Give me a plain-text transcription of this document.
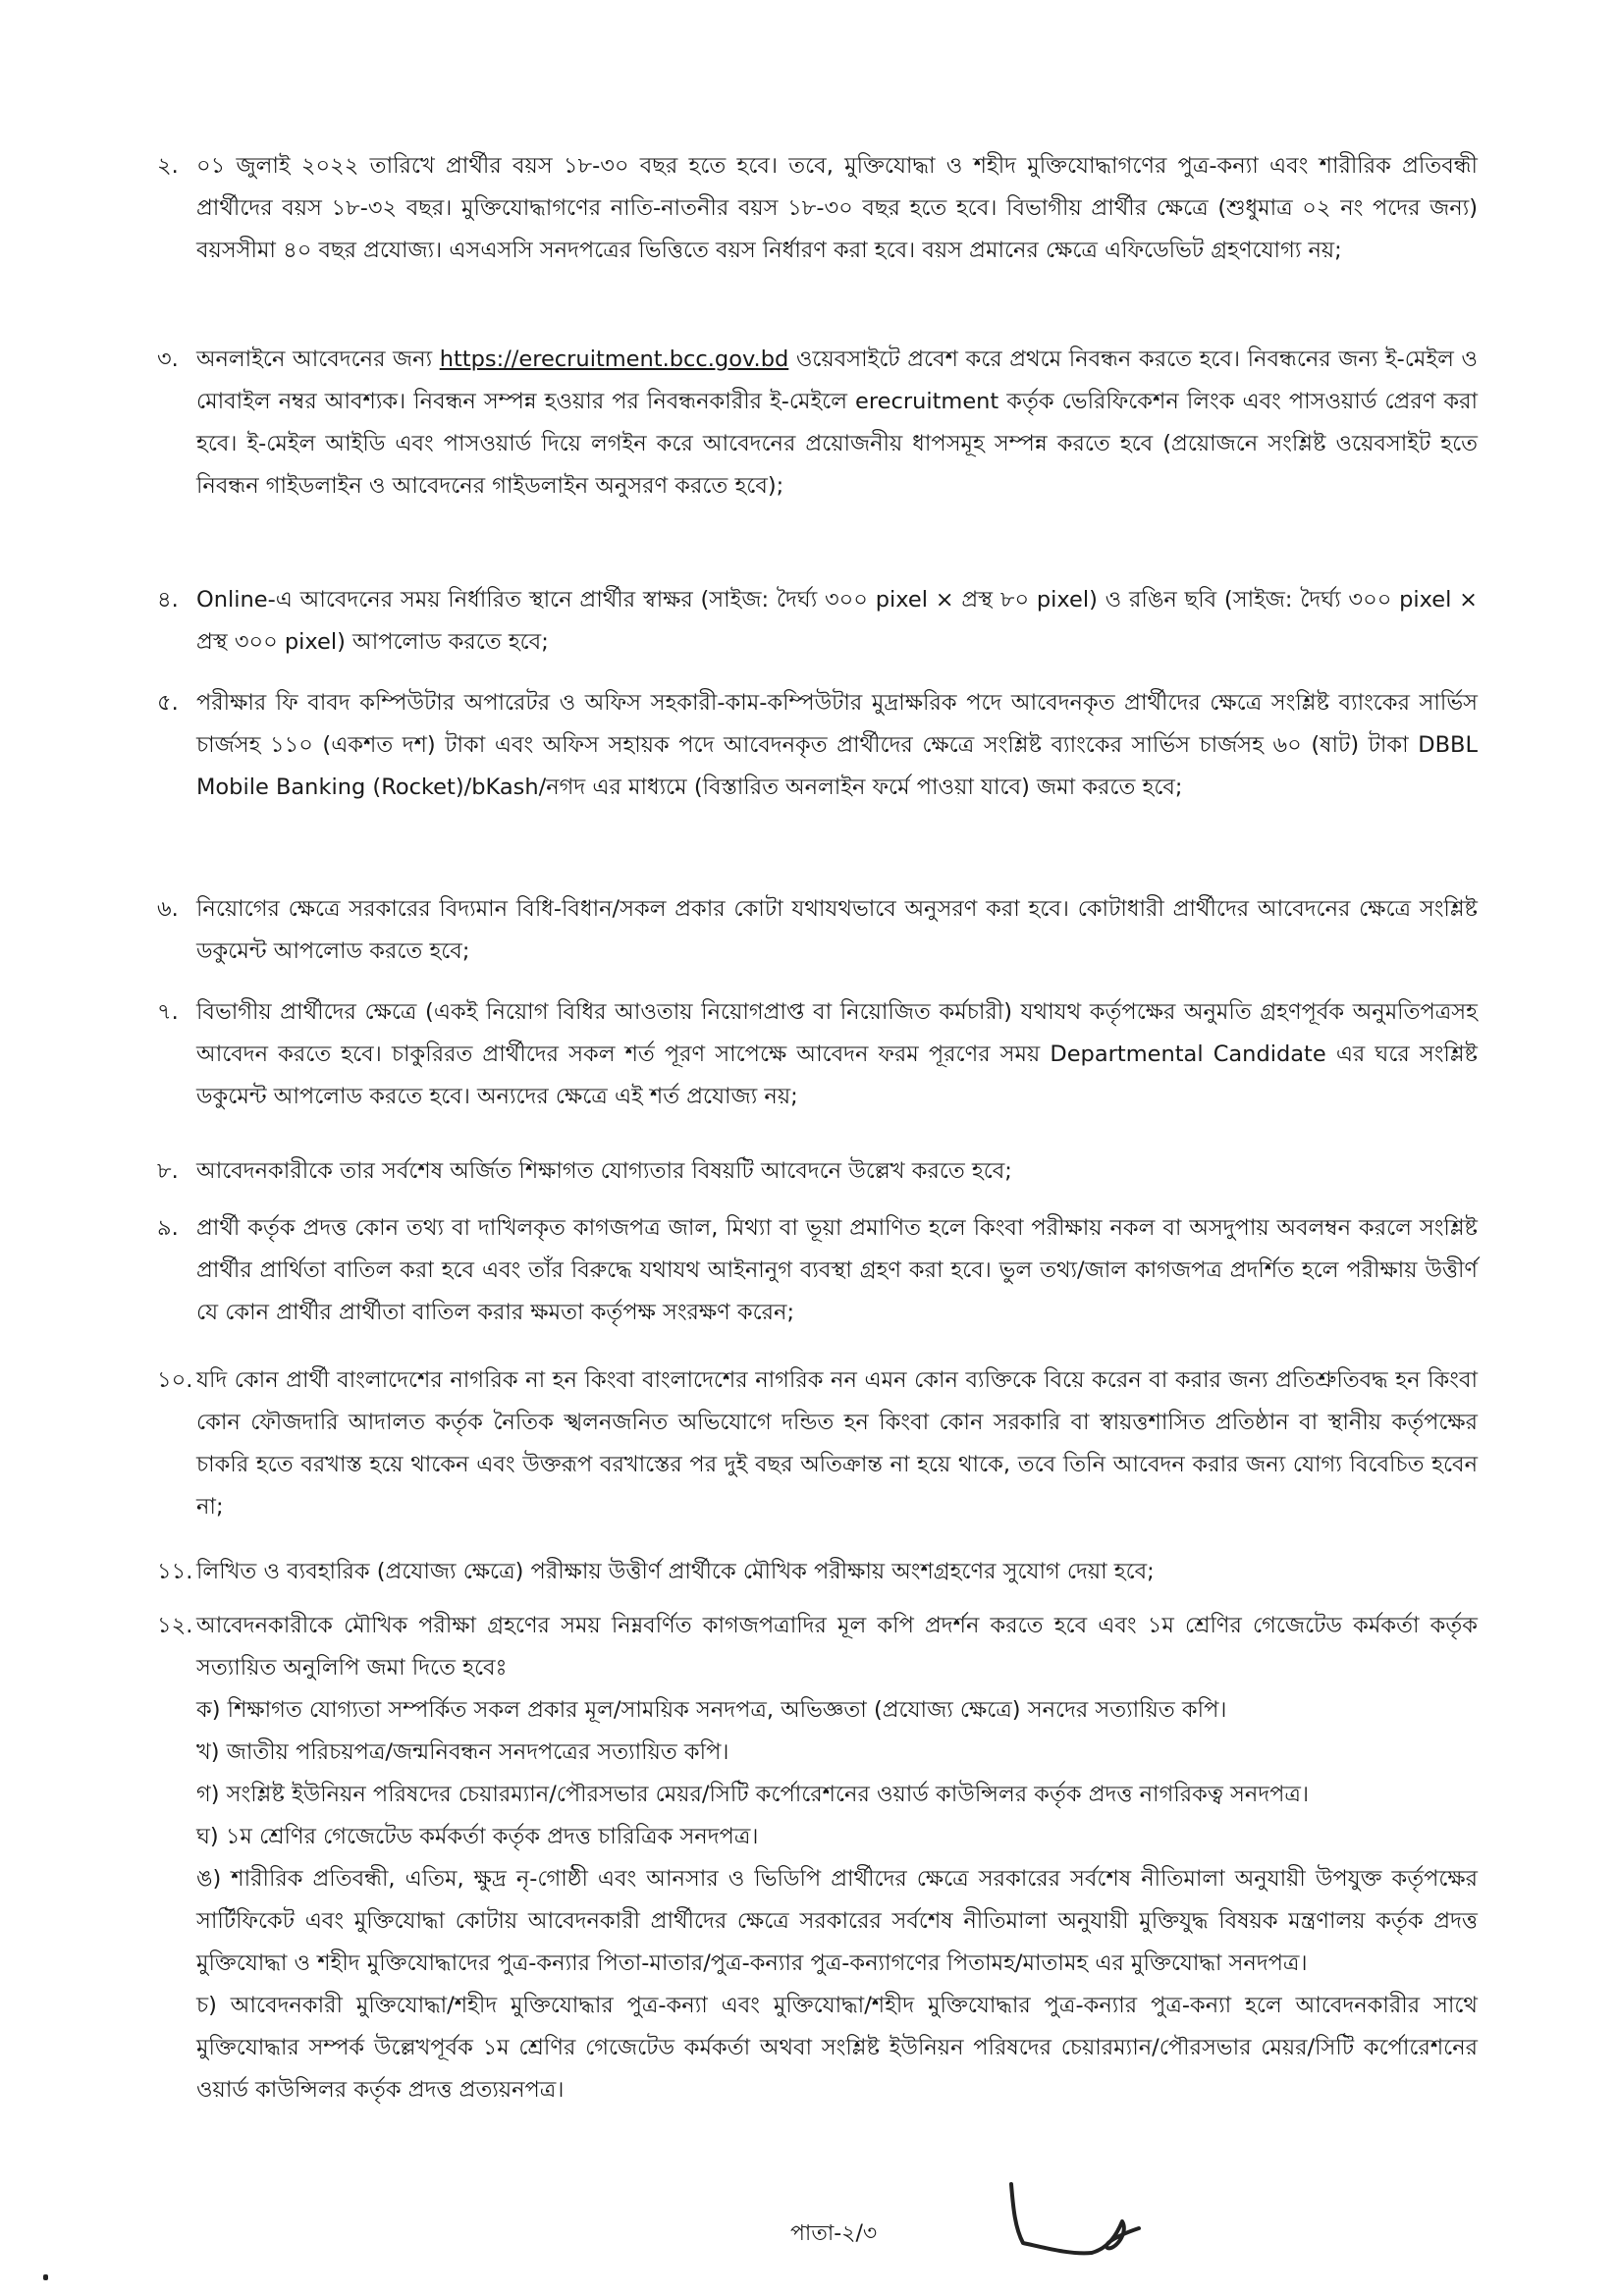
২. ০১ জুলাই ২০২২ তারিখে প্রার্থীর বয়স ১৮-৩০ বছর হতে হবে। তবে, মুক্তিযোদ্ধা ও শহীদ মুক্তিযোদ্ধাগণের পুত্র-কন্যা এবং শারীরিক প্রতিবন্ধী প্রার্থীদের বয়স ১৮-৩২ বছর। মুক্তিযোদ্ধাগণের নাতি-নাতনীর বয়স ১৮-৩০ বছর হতে হবে। বিভাগীয় প্রার্থীর ক্ষেত্রে (শুধুমাত্র ০২ নং পদের জন্য) বয়সসীমা ৪০ বছর প্রযোজ্য। এসএসসি সনদপত্রের ভিত্তিতে বয়স নির্ধারণ করা হবে। বয়স প্রমানের ক্ষেত্রে এফিডেভিট গ্রহণযোগ্য নয়;
৩. অনলাইনে আবেদনের জন্য https://erecruitment.bcc.gov.bd ওয়েবসাইটে প্রবেশ করে প্রথমে নিবন্ধন করতে হবে। নিবন্ধনের জন্য ই-মেইল ও মোবাইল নম্বর আবশ্যক। নিবন্ধন সম্পন্ন হওয়ার পর নিবন্ধনকারীর ই-মেইলে erecruitment কর্তৃক ভেরিফিকেশন লিংক এবং পাসওয়ার্ড প্রেরণ করা হবে। ই-মেইল আইডি এবং পাসওয়ার্ড দিয়ে লগইন করে আবেদনের প্রয়োজনীয় ধাপসমূহ সম্পন্ন করতে হবে (প্রয়োজনে সংশ্লিষ্ট ওয়েবসাইট হতে নিবন্ধন গাইডলাইন ও আবেদনের গাইডলাইন অনুসরণ করতে হবে);
৪. Online-এ আবেদনের সময় নির্ধারিত স্থানে প্রার্থীর স্বাক্ষর (সাইজ: দৈর্ঘ্য ৩০০ pixel × প্রস্থ ৮০ pixel) ও রঙিন ছবি (সাইজ: দৈর্ঘ্য ৩০০ pixel × প্রস্থ ৩০০ pixel) আপলোড করতে হবে;
৫. পরীক্ষার ফি বাবদ কম্পিউটার অপারেটর ও অফিস সহকারী-কাম-কম্পিউটার মুদ্রাক্ষরিক পদে আবেদনকৃত প্রার্থীদের ক্ষেত্রে সংশ্লিষ্ট ব্যাংকের সার্ভিস চার্জসহ ১১০ (একশত দশ) টাকা এবং অফিস সহায়ক পদে আবেদনকৃত প্রার্থীদের ক্ষেত্রে সংশ্লিষ্ট ব্যাংকের সার্ভিস চার্জসহ ৬০ (ষাট) টাকা DBBL Mobile Banking (Rocket)/bKash/নগদ এর মাধ্যমে (বিস্তারিত অনলাইন ফর্মে পাওয়া যাবে) জমা করতে হবে;
৬. নিয়োগের ক্ষেত্রে সরকারের বিদ্যমান বিধি-বিধান/সকল প্রকার কোটা যথাযথভাবে অনুসরণ করা হবে। কোটাধারী প্রার্থীদের আবেদনের ক্ষেত্রে সংশ্লিষ্ট ডকুমেন্ট আপলোড করতে হবে;
৭. বিভাগীয় প্রার্থীদের ক্ষেত্রে (একই নিয়োগ বিধির আওতায় নিয়োগপ্রাপ্ত বা নিয়োজিত কর্মচারী) যথাযথ কর্তৃপক্ষের অনুমতি গ্রহণপূর্বক অনুমতিপত্রসহ আবেদন করতে হবে। চাকুরিরত প্রার্থীদের সকল শর্ত পূরণ সাপেক্ষে আবেদন ফরম পূরণের সময় Departmental Candidate এর ঘরে সংশ্লিষ্ট ডকুমেন্ট আপলোড করতে হবে। অন্যদের ক্ষেত্রে এই শর্ত প্রযোজ্য নয়;
৮. আবেদনকারীকে তার সর্বশেষ অর্জিত শিক্ষাগত যোগ্যতার বিষয়টি আবেদনে উল্লেখ করতে হবে;
৯. প্রার্থী কর্তৃক প্রদত্ত কোন তথ্য বা দাখিলকৃত কাগজপত্র জাল, মিথ্যা বা ভূয়া প্রমাণিত হলে কিংবা পরীক্ষায় নকল বা অসদুপায় অবলম্বন করলে সংশ্লিষ্ট প্রার্থীর প্রার্থিতা বাতিল করা হবে এবং তাঁর বিরুদ্ধে যথাযথ আইনানুগ ব্যবস্থা গ্রহণ করা হবে। ভুল তথ্য/জাল কাগজপত্র প্রদর্শিত হলে পরীক্ষায় উত্তীর্ণ যে কোন প্রার্থীর প্রার্থীতা বাতিল করার ক্ষমতা কর্তৃপক্ষ সংরক্ষণ করেন;
১০. যদি কোন প্রার্থী বাংলাদেশের নাগরিক না হন কিংবা বাংলাদেশের নাগরিক নন এমন কোন ব্যক্তিকে বিয়ে করেন বা করার জন্য প্রতিশ্রুতিবদ্ধ হন কিংবা কোন ফৌজদারি আদালত কর্তৃক নৈতিক স্খলনজনিত অভিযোগে দন্ডিত হন কিংবা কোন সরকারি বা স্বায়ত্তশাসিত প্রতিষ্ঠান বা স্থানীয় কর্তৃপক্ষের চাকরি হতে বরখাস্ত হয়ে থাকেন এবং উক্তরূপ বরখাস্তের পর দুই বছর অতিক্রান্ত না হয়ে থাকে, তবে তিনি আবেদন করার জন্য যোগ্য বিবেচিত হবেন না;
১১. লিখিত ও ব্যবহারিক (প্রযোজ্য ক্ষেত্রে) পরীক্ষায় উত্তীর্ণ প্রার্থীকে মৌখিক পরীক্ষায় অংশগ্রহণের সুযোগ দেয়া হবে;
১২. আবেদনকারীকে মৌখিক পরীক্ষা গ্রহণের সময় নিম্নবর্ণিত কাগজপত্রাদির মূল কপি প্রদর্শন করতে হবে এবং ১ম শ্রেণির গেজেটেড কর্মকর্তা কর্তৃক সত্যায়িত অনুলিপি জমা দিতে হবেঃ
ক) শিক্ষাগত যোগ্যতা সম্পর্কিত সকল প্রকার মূল/সাময়িক সনদপত্র, অভিজ্ঞতা (প্রযোজ্য ক্ষেত্রে) সনদের সত্যায়িত কপি।
খ) জাতীয় পরিচয়পত্র/জন্মনিবন্ধন সনদপত্রের সত্যায়িত কপি।
গ) সংশ্লিষ্ট ইউনিয়ন পরিষদের চেয়ারম্যান/পৌরসভার মেয়র/সিটি কর্পোরেশনের ওয়ার্ড কাউন্সিলর কর্তৃক প্রদত্ত নাগরিকত্ব সনদপত্র।
ঘ) ১ম শ্রেণির গেজেটেড কর্মকর্তা কর্তৃক প্রদত্ত চারিত্রিক সনদপত্র।
ঙ) শারীরিক প্রতিবন্ধী, এতিম, ক্ষুদ্র নৃ-গোষ্ঠী এবং আনসার ও ভিডিপি প্রার্থীদের ক্ষেত্রে সরকারের সর্বশেষ নীতিমালা অনুযায়ী উপযুক্ত কর্তৃপক্ষের সার্টিফিকেট এবং মুক্তিযোদ্ধা কোটায় আবেদনকারী প্রার্থীদের ক্ষেত্রে সরকারের সর্বশেষ নীতিমালা অনুযায়ী মুক্তিযুদ্ধ বিষয়ক মন্ত্রণালয় কর্তৃক প্রদত্ত মুক্তিযোদ্ধা ও শহীদ মুক্তিযোদ্ধাদের পুত্র-কন্যার পিতা-মাতার/পুত্র-কন্যার পুত্র-কন্যাগণের পিতামহ/মাতামহ এর মুক্তিযোদ্ধা সনদপত্র।
চ) আবেদনকারী মুক্তিযোদ্ধা/শহীদ মুক্তিযোদ্ধার পুত্র-কন্যা এবং মুক্তিযোদ্ধা/শহীদ মুক্তিযোদ্ধার পুত্র-কন্যার পুত্র-কন্যা হলে আবেদনকারীর সাথে মুক্তিযোদ্ধার সম্পর্ক উল্লেখপূর্বক ১ম শ্রেণির গেজেটেড কর্মকর্তা অথবা সংশ্লিষ্ট ইউনিয়ন পরিষদের চেয়ারম্যান/পৌরসভার মেয়র/সিটি কর্পোরেশনের ওয়ার্ড কাউন্সিলর কর্তৃক প্রদত্ত প্রত্যয়নপত্র।
পাতা-২/৩
